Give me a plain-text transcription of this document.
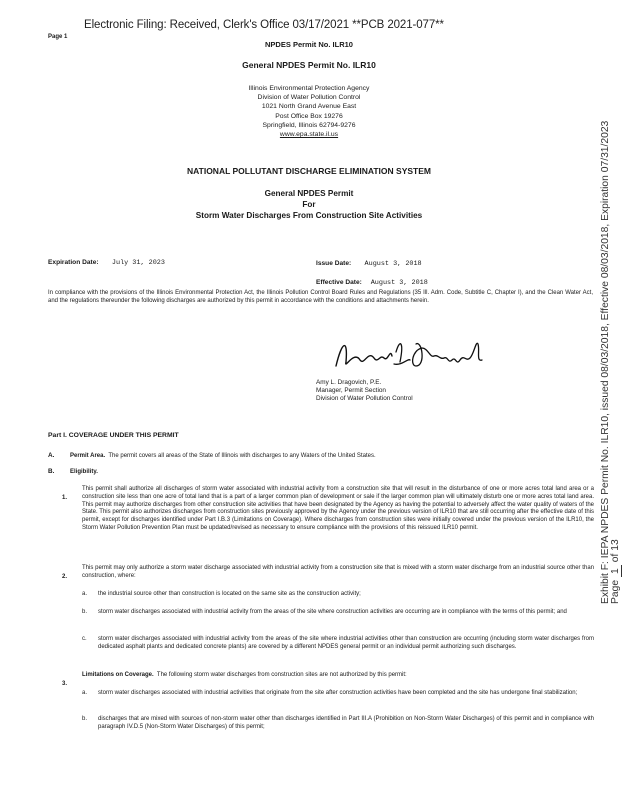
Electronic Filing: Received, Clerk's Office 03/17/2021 **PCB 2021-077**
Page 1
NPDES Permit No. ILR10
General NPDES Permit No. ILR10
Illinois Environmental Protection Agency
Division of Water Pollution Control
1021 North Grand Avenue East
Post Office Box 19276
Springfield, Illinois 62794-9276
www.epa.state.il.us
NATIONAL POLLUTANT DISCHARGE ELIMINATION SYSTEM
General NPDES Permit
For
Storm Water Discharges From Construction Site Activities
Expiration Date: July 31, 2023	Issue Date: August 3, 2018
Effective Date: August 3, 2018
In compliance with the provisions of the Illinois Environmental Protection Act, the Illinois Pollution Control Board Rules and Regulations (35 Ill. Adm. Code, Subtitle C, Chapter I), and the Clean Water Act, and the regulations thereunder the following discharges are authorized by this permit in accordance with the conditions and attachments herein.
Amy L. Dragovich, P.E.
Manager, Permit Section
Division of Water Pollution Control
Part I. COVERAGE UNDER THIS PERMIT
A.	Permit Area. The permit covers all areas of the State of Illinois with discharges to any Waters of the United States.
B.	Eligibility.
1.
This permit shall authorize all discharges of storm water associated with industrial activity from a construction site that will result in the disturbance of one or more acres total land area or a construction site less than one acre of total land that is a part of a larger common plan of development or sale if the larger common plan will ultimately disturb one or more acres total land area. This permit may authorize discharges from other construction site activities that have been designated by the Agency as having the potential to adversely affect the water quality of waters of the State. This permit also authorizes discharges from construction sites previously approved by the Agency under the previous version of ILR10 that are still occurring after the effective date of this permit, except for discharges identified under Part I.B.3 (Limitations on Coverage). Where discharges from construction sites were initially covered under the previous version of the ILR10, the Storm Water Pollution Prevention Plan must be updated/revised as necessary to ensure compliance with the provisions of this reissued ILR10 permit.
2.
This permit may only authorize a storm water discharge associated with industrial activity from a construction site that is mixed with a storm water discharge from an industrial source other than construction, where:
a. the industrial source other than construction is located on the same site as the construction activity;
b. storm water discharges associated with industrial activity from the areas of the site where construction activities are occurring are in compliance with the terms of this permit; and
c. storm water discharges associated with industrial activity from the areas of the site where industrial activities other than construction are occurring (including storm water discharges from dedicated asphalt plants and dedicated concrete plants) are covered by a different NPDES general permit or an individual permit authorizing such discharges.
3.
Limitations on Coverage. The following storm water discharges from construction sites are not authorized by this permit:
a. storm water discharges associated with industrial activities that originate from the site after construction activities have been completed and the site has undergone final stabilization;
b. discharges that are mixed with sources of non-storm water other than discharges identified in Part III.A (Prohibition on Non-Storm Water Discharges) of this permit and in compliance with paragraph IV.D.5 (Non-Storm Water Discharges) of this permit;
Exhibit F: IEPA NPDES Permit No. ILR10, issued 08/03/2018, Effective 08/03/2018, Expiration 07/31/2023 Page 1 of 13
